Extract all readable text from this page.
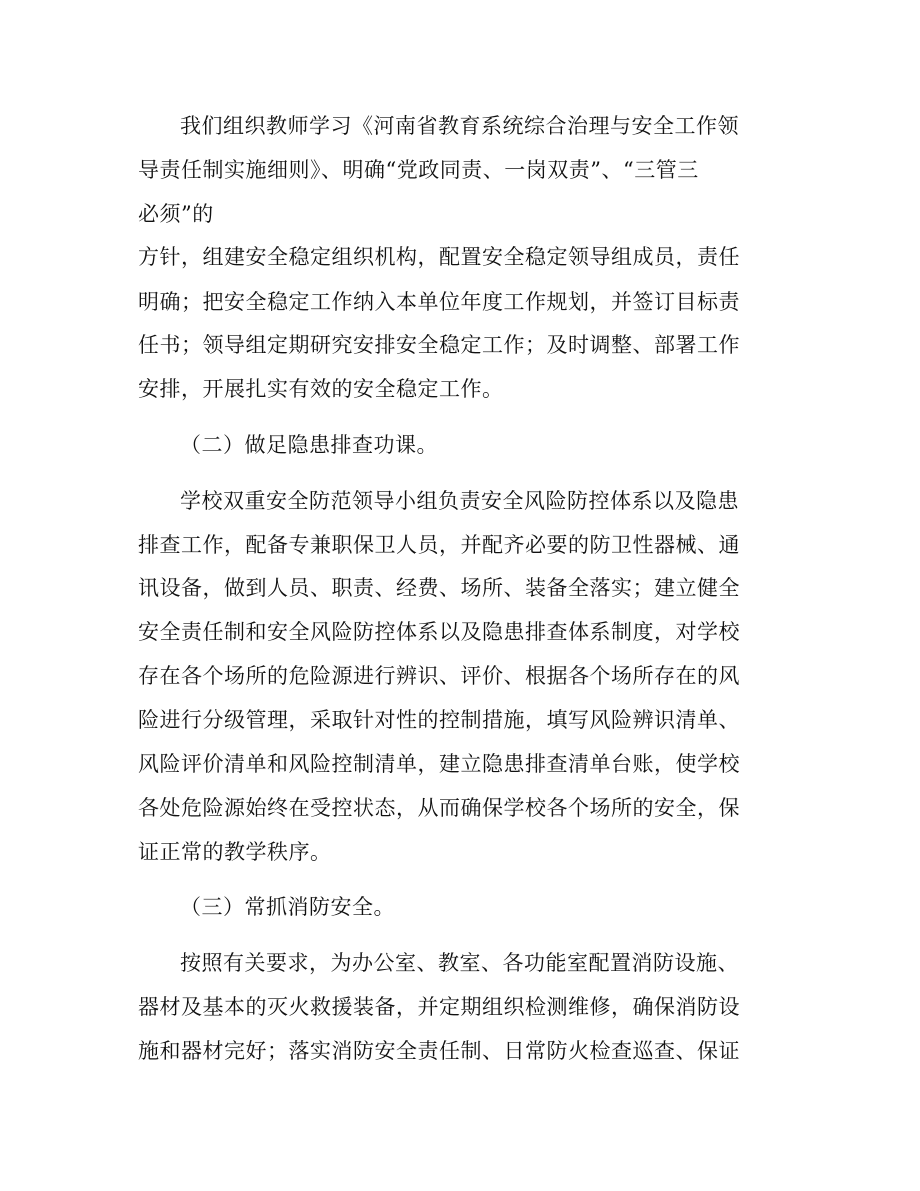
我们组织教师学习《河南省教育系统综合治理与安全工作领
导责任制实施细则》、明确“党政同责、一岗双责”、“三管三
必须”的
方针，组建安全稳定组织机构，配置安全稳定领导组成员，责任
明确；把安全稳定工作纳入本单位年度工作规划，并签订目标责
任书；领导组定期研究安排安全稳定工作；及时调整、部署工作
安排，开展扎实有效的安全稳定工作。
（二）做足隐患排查功课。
学校双重安全防范领导小组负责安全风险防控体系以及隐患
排查工作，配备专兼职保卫人员，并配齐必要的防卫性器械、通
讯设备，做到人员、职责、经费、场所、装备全落实；建立健全
安全责任制和安全风险防控体系以及隐患排查体系制度，对学校
存在各个场所的危险源进行辨识、评价、根据各个场所存在的风
险进行分级管理，采取针对性的控制措施，填写风险辨识清单、
风险评价清单和风险控制清单，建立隐患排查清单台账，使学校
各处危险源始终在受控状态，从而确保学校各个场所的安全，保
证正常的教学秩序。
（三）常抓消防安全。
按照有关要求，为办公室、教室、各功能室配置消防设施、
器材及基本的灭火救援装备，并定期组织检测维修，确保消防设
施和器材完好；落实消防安全责任制、日常防火检查巡查、保证
